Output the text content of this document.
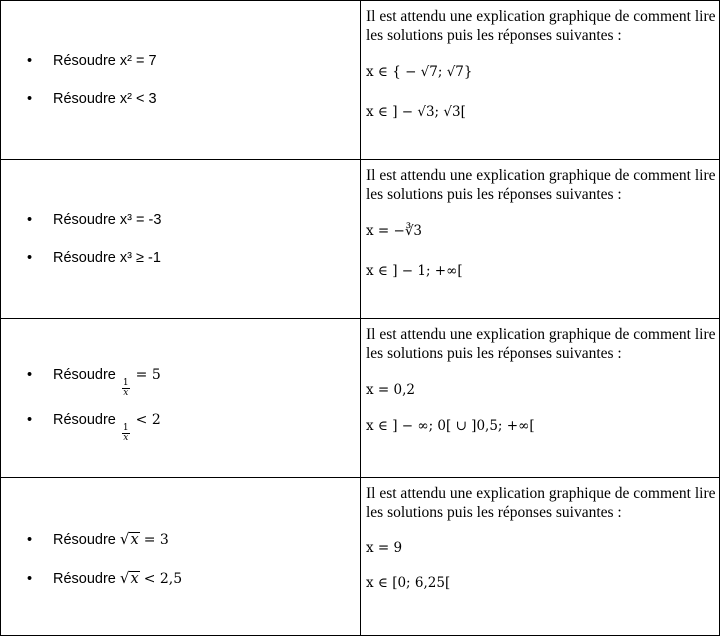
• Résoudre x² = 7
• Résoudre x² < 3

Il est attendu une explication graphique de comment lire les solutions puis les réponses suivantes :

x ∈ { − √7; √7}

x ∈ ] − √3; √3[

• Résoudre x³ = -3
• Résoudre x³ ≥ -1

Il est attendu une explication graphique de comment lire les solutions puis les réponses suivantes :

x = −∛3

x ∈ ] − 1; +∞[

• Résoudre
$\frac{1}{x}$
= 5
• Résoudre
$\frac{1}{x}$
< 2

Il est attendu une explication graphique de comment lire les solutions puis les réponses suivantes :

x = 0,2

x ∈ ] − ∞; 0[ ∪ ]0,5; +∞[

• Résoudre √ x = 3
• Résoudre √ x < 2,5

Il est attendu une explication graphique de comment lire les solutions puis les réponses suivantes :

x = 9

x ∈ [0; 6,25[
